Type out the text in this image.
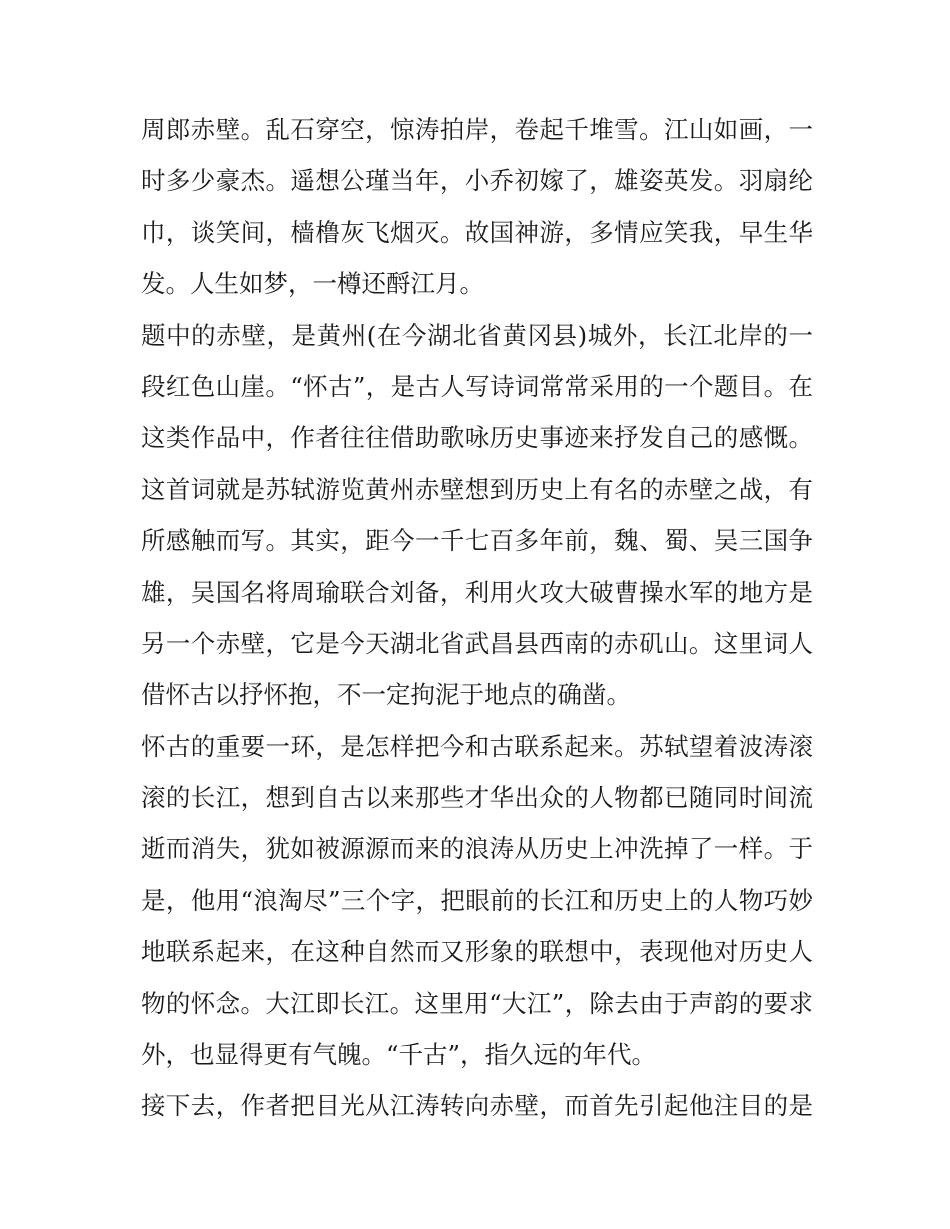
周郎赤壁。乱石穿空，惊涛拍岸，卷起千堆雪。江山如画，一
时多少豪杰。遥想公瑾当年，小乔初嫁了，雄姿英发。羽扇纶
巾，谈笑间，樯橹灰飞烟灭。故国神游，多情应笑我，早生华
发。人生如梦，一樽还酹江月。
题中的赤壁，是黄州(在今湖北省黄冈县)城外，长江北岸的一
段红色山崖。“怀古”，是古人写诗词常常采用的一个题目。在
这类作品中，作者往往借助歌咏历史事迹来抒发自己的感慨。
这首词就是苏轼游览黄州赤壁想到历史上有名的赤壁之战，有
所感触而写。其实，距今一千七百多年前，魏、蜀、吴三国争
雄，吴国名将周瑜联合刘备，利用火攻大破曹操水军的地方是
另一个赤壁，它是今天湖北省武昌县西南的赤矶山。这里词人
借怀古以抒怀抱，不一定拘泥于地点的确凿。
怀古的重要一环，是怎样把今和古联系起来。苏轼望着波涛滚
滚的长江，想到自古以来那些才华出众的人物都已随同时间流
逝而消失，犹如被源源而来的浪涛从历史上冲洗掉了一样。于
是，他用“浪淘尽”三个字，把眼前的长江和历史上的人物巧妙
地联系起来，在这种自然而又形象的联想中，表现他对历史人
物的怀念。大江即长江。这里用“大江”，除去由于声韵的要求
外，也显得更有气魄。“千古”，指久远的年代。
接下去，作者把目光从江涛转向赤壁，而首先引起他注目的是
